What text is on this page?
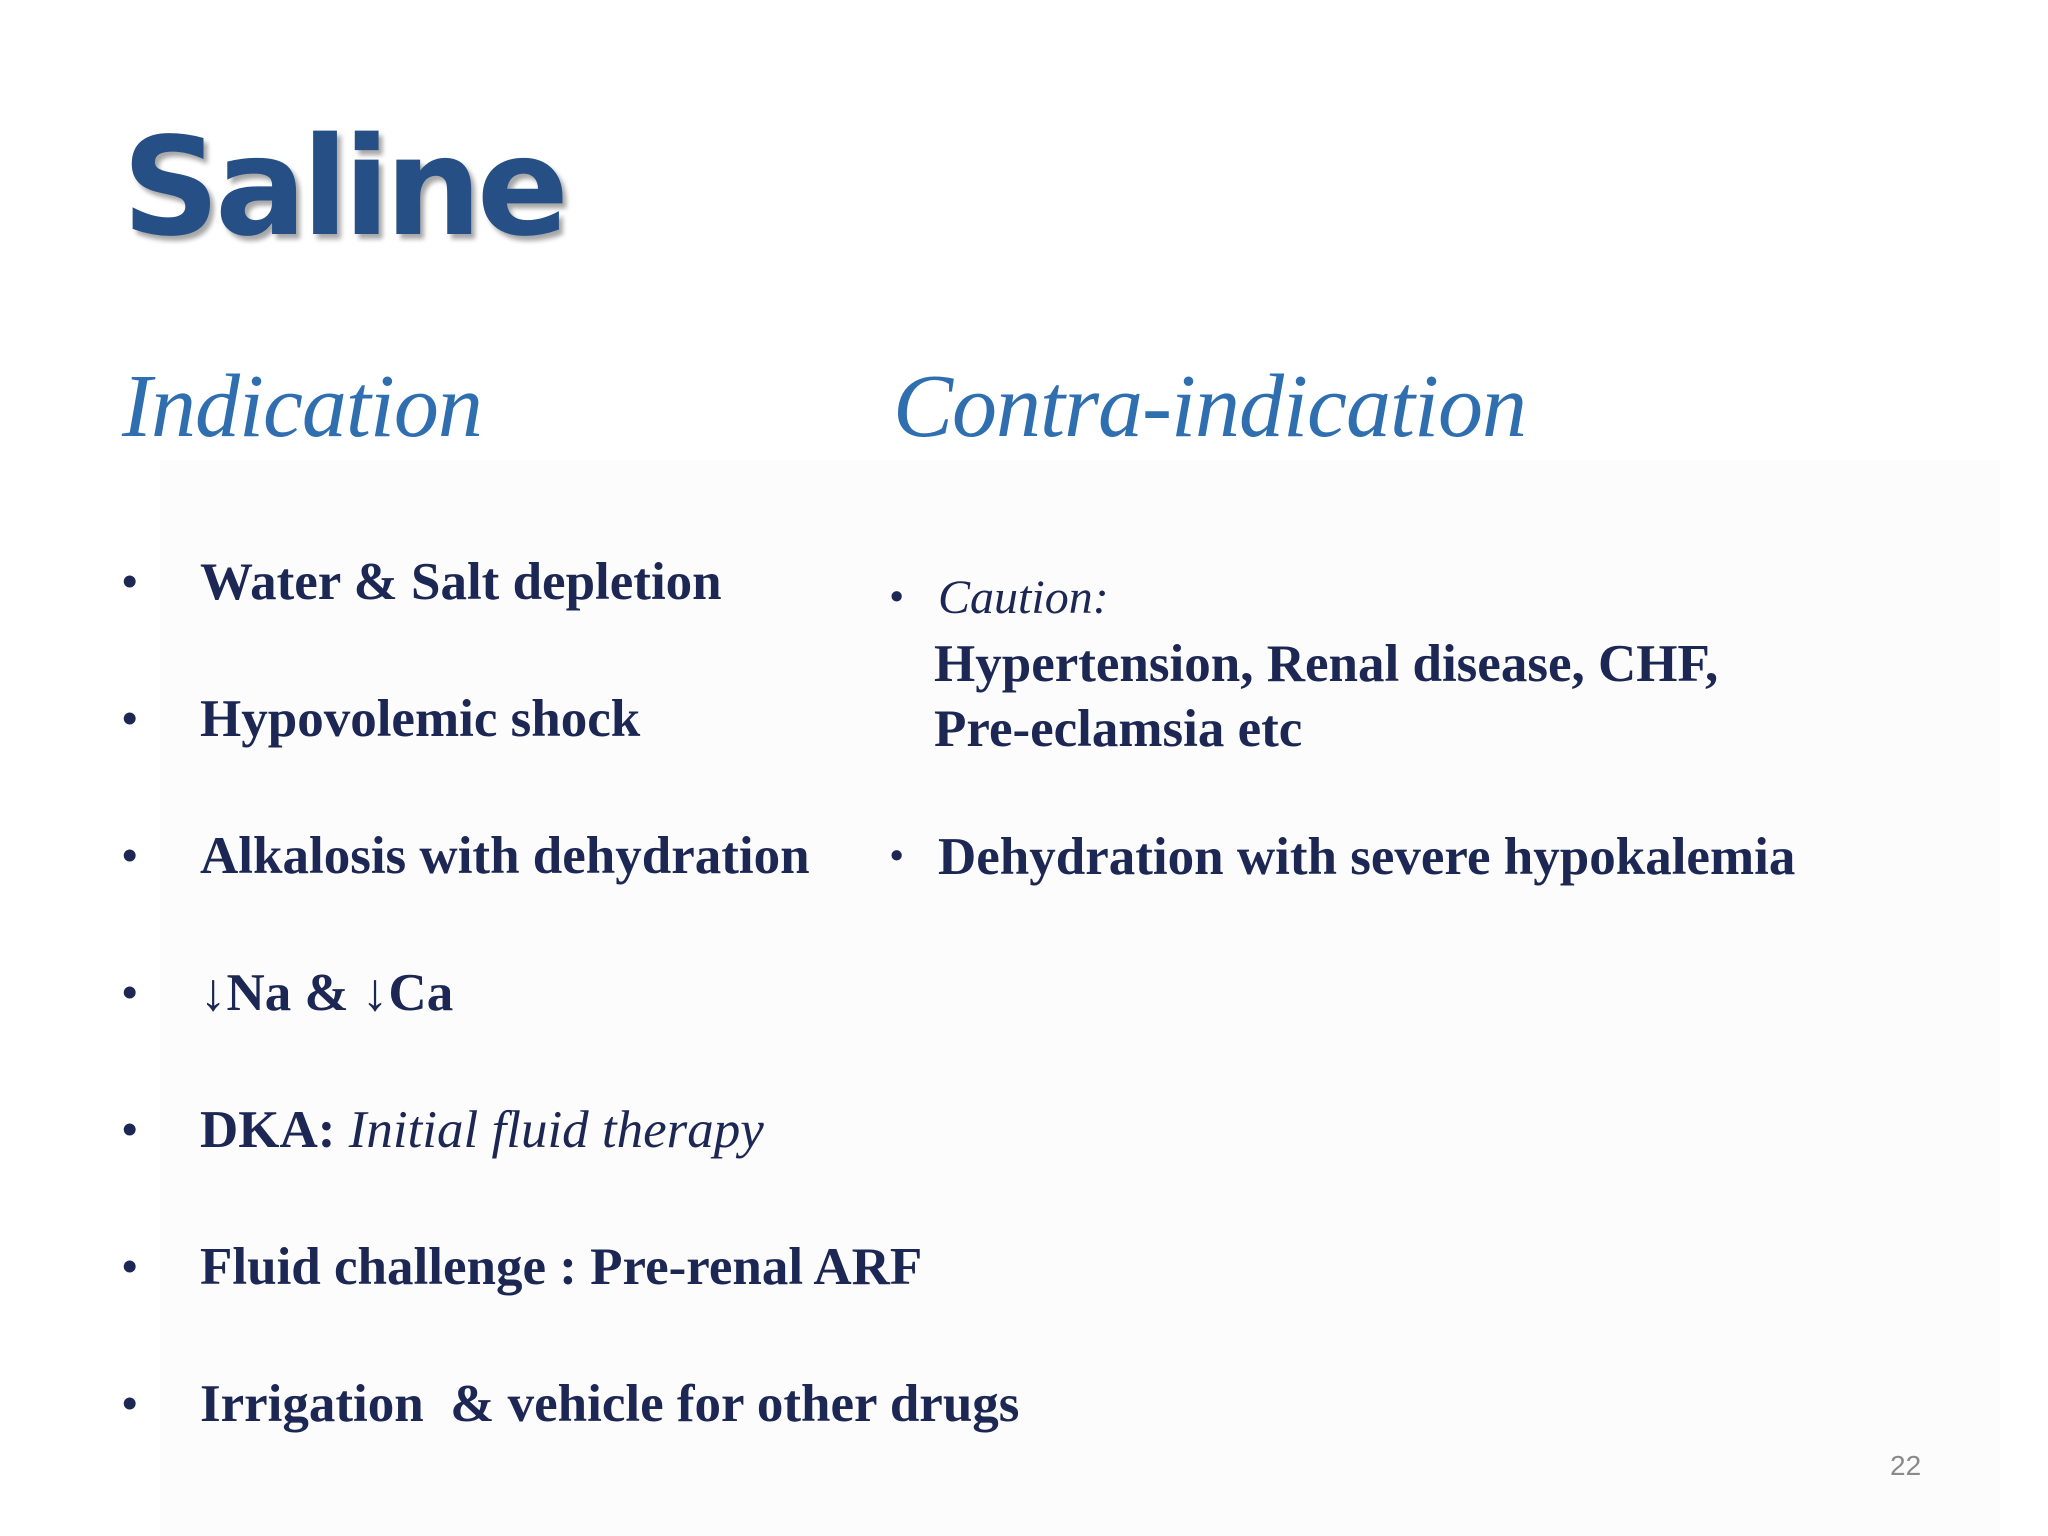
Saline
Indication	Contra-indication
• Water & Salt depletion
• Hypovolemic shock
• Alkalosis with dehydration
• ↓Na & ↓Ca
• DKA: Initial fluid therapy
• Fluid challenge : Pre-renal ARF
• Irrigation  & vehicle for other drugs
• Caution:
Hypertension, Renal disease, CHF,
Pre-eclamsia etc
• Dehydration with severe hypokalemia
22
